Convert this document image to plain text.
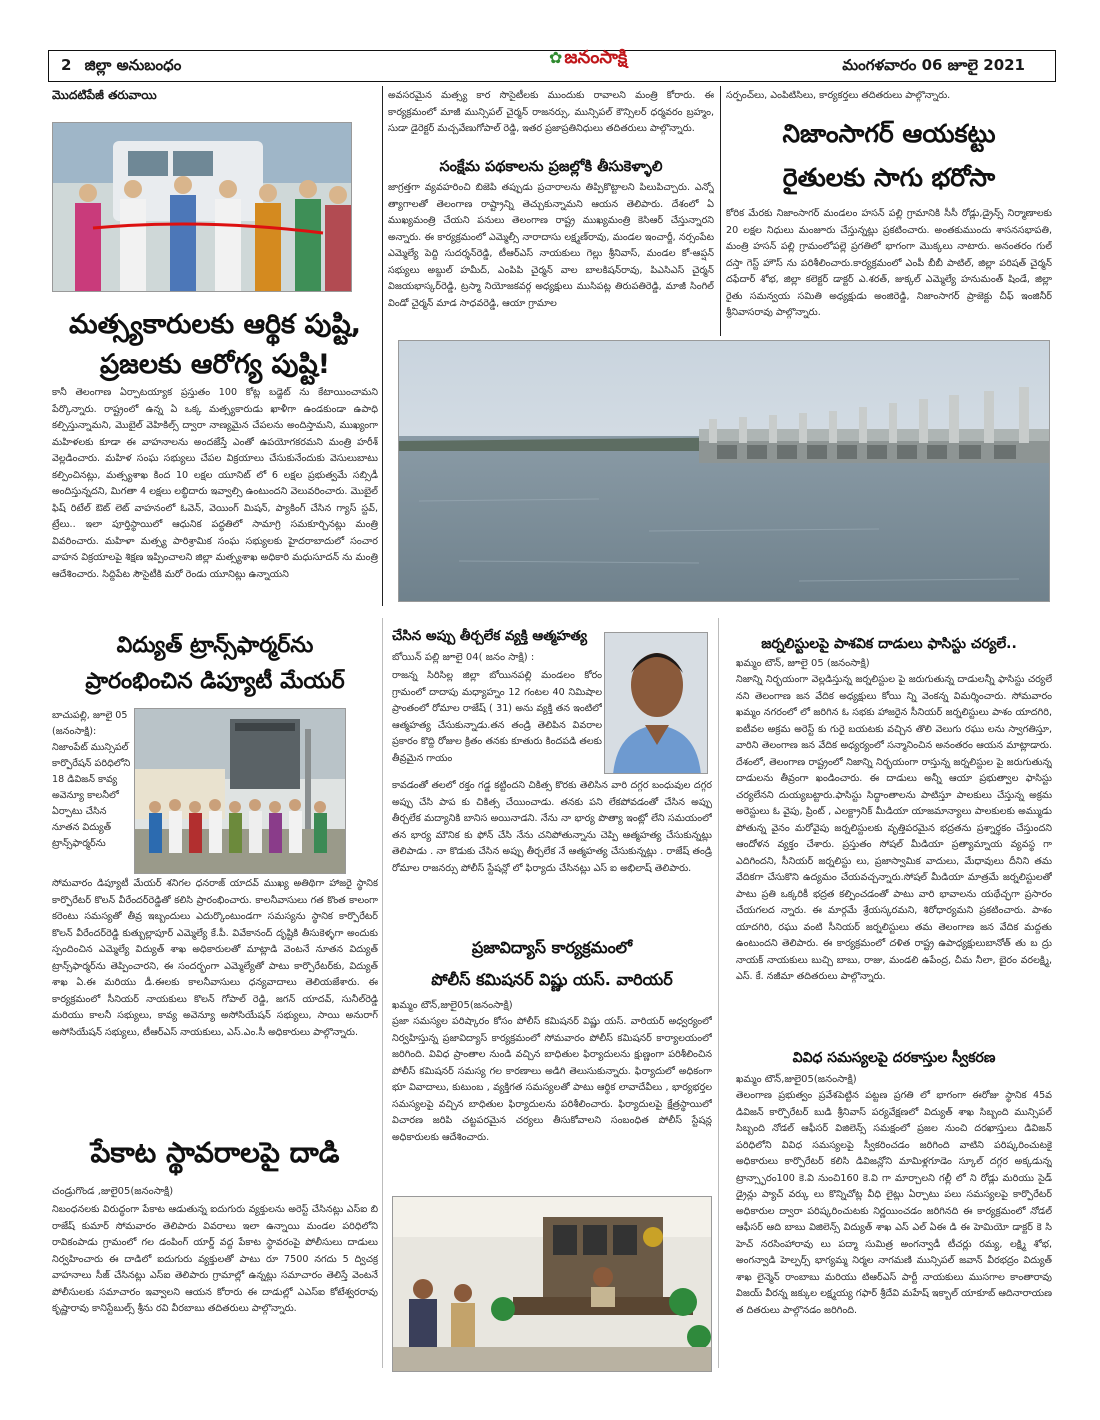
2 జిల్లా అనుబంధం	✿ జనంసాక్షి	మంగళవారం 06 జూలై 2021
మొదటిపేజీ తరువాయి
మత్స్యకారులకు ఆర్థిక పుష్టి,
ప్రజలకు ఆరోగ్య పుష్టి!
కానీ తెలంగాణ ఏర్పాటయ్యాక ప్రస్తుతం 100 కోట్ల బడ్జెట్ ను కేటాయించామని పేర్కొన్నారు. రాష్ట్రంలో ఉన్న ఏ ఒక్క మత్స్యకారుడు ఖాళీగా ఉండకుండా ఉపాధి కల్పిస్తున్నామని, మొబైల్ వెహికిల్స్ ద్వారా నాణ్యమైన చేపలను అందిస్తామని, ముఖ్యంగా మహిళలకు కూడా ఈ వాహనాలను అందజేస్తే ఎంతో ఉపయోగకరమని మంత్రి హరీశ్ వెల్లడించారు. మహిళ సంఘ సభ్యులు చేపల విక్రయాలు చేసుకునేందుకు వెసులుబాటు కల్పించినట్లు, మత్స్యశాఖ కింద 10 లక్షల యూనిట్ లో 6 లక్షల ప్రభుత్వమే సబ్సిడీ అందిస్తున్నదని, మిగతా 4 లక్షలు లబ్ధిదారు ఇవ్వాల్సి ఉంటుందని వెలువరించారు. మొబైల్ ఫిష్ రిటేల్ ఔట్ లెట్ వాహనంలో ఓవెన్, వెయింగ్ మిషన్, ప్యాకింగ్ చేసిన గ్యాస్ స్టవ్, ట్రేలు.. ఇలా పూర్తిస్థాయిలో ఆధునిక పద్ధతిలో సామాగ్రి సమకూర్చినట్లు మంత్రి వివరించారు. మహిళా మత్స్య పారిశ్రామిక సంఘ సభ్యులకు హైదరాబాదులో సంచార వాహన విక్రయాలపై శిక్షణ ఇప్పించాలని జిల్లా మత్స్యశాఖ అధికారి మధుసూదన్ ను మంత్రి ఆదేశించారు. సిద్దిపేట సౌసైటీకి మరో రెండు యూనిట్లు ఉన్నాయని
అవసరమైన మత్స్య కార సొసైటీలకు ముందుకు రావాలని మంత్రి కోరారు. ఈ కార్యక్రమంలో మాజీ మున్సిపల్ చైర్మన్ రాజనర్సు, మున్సిపల్ కౌన్సిలర్ ధర్మవరం బ్రహ్మం, సుడా డైరెక్టర్ మచ్చవేణుగోపాల్ రెడ్డి, ఇతర ప్రజాప్రతినిధులు తదితరులు పాల్గొన్నారు.
సంక్షేమ పథకాలను ప్రజల్లోకి తీసుకెళ్ళాలి
జాగ్రత్తగా వ్యవహరించి బిజెపి తప్పుడు ప్రచారాలను తిప్పికొట్టాలని పిలుపిచ్చారు. ఎన్నో త్యాగాలతో తెలంగాణ రాష్ట్రాన్ని తెచ్చుకున్నామని ఆయన తెలిపారు. దేశంలో ఏ ముఖ్యమంత్రి చేయని పనులు తెలంగాణ రాష్ట్ర ముఖ్యమంత్రి కెసిఆర్ చేస్తున్నారని అన్నారు. ఈ కార్యక్రమంలో ఎమ్మెల్సీ నారాదాసు లక్ష్మణ్‌రావు, మండల ఇంచార్జీ, నర్సంపేట ఎమ్మెల్యే పెద్ది సుదర్శన్‌రెడ్డి, టీఆర్ఎస్ నాయకులు గెల్లు శ్రీనివాస్, మండల కో-ఆప్షన్ సభ్యులు అబ్దుల్ హమీద్, ఎంపిపి చైర్మన్ వాల బాలకిషన్‌రావు, పిఎసిఎస్ చైర్మన్ విజయభాస్కర్‌రెడ్డి, ట్రస్మా నియోజకవర్గ అధ్యక్షులు ముసిపట్ల తిరుపతిరెడ్డి, మాజీ సింగిల్ విండో చైర్మన్ మాడ సాధవరెడ్డి, ఆయా గ్రామాల
సర్పంచ్‌లు, ఎంపిటిసిలు, కార్యకర్తలు తదితరులు పాల్గొన్నారు.
నిజాంసాగర్ ఆయకట్టు
రైతులకు సాగు భరోసా
కోరిక మేరకు నిజాంసాగర్ మండలం హసన్ పల్లి గ్రామానికి సీసీ రోడ్లు,డ్రైన్స్ నిర్మాణాలకు 20 లక్షల నిధులు మంజూరు చేస్తున్నట్లు ప్రకటించారు. అంతకుముందు శాసనసభాపతి, మంత్రి హసన్ పల్లి గ్రామంలోపల్లె ప్రగతిలో భాగంగా మొక్కలు నాటారు. అనంతరం గుల్ దస్తా గెస్ట్ హౌస్ ను పరిశీలించారు.కార్యక్రమంలో ఎంపీ బీబీ పాటిల్, జిల్లా పరిషత్ చైర్మన్ దఫేదార్ శోభ, జిల్లా కలెక్టర్ డాక్టర్ ఎ.శరత్, జుక్కల్ ఎమ్మెల్యే హనుమంత్ షిండే, జిల్లా రైతు సమన్వయ సమితి అధ్యక్షుడు అంజిరెడ్డి, నిజాంసాగర్ ప్రాజెక్టు చీఫ్ ఇంజినీర్ శ్రీనివాసరావు పాల్గొన్నారు.
విద్యుత్ ట్రాన్స్‌ఫార్మర్‌ను
ప్రారంభించిన డిప్యూటీ మేయర్
బాచుపల్లి, జూలై 05 (జనంసాక్షి): నిజాంపేట్ మున్సిపల్ కార్పొరేషన్ పరిధిలోని 18 డివిజన్ కావ్య అవెన్యూ కాలనీలో ఏర్పాటు చేసిన నూతన విద్యుత్ ట్రాన్స్‌ఫార్మర్‌ను
సోమవారం డిప్యూటీ మేయర్ శనిగల ధనరాజ్ యాదవ్ ముఖ్య అతిథిగా హాజరై స్థానిక కార్పొరేటర్ కొలన్ వీరేందర్‌రెడ్డితో కలిసి ప్రారంభించారు. కాలనీవాసులు గత కొంత కాలంగా కరెంటు సమస్యతో తీవ్ర ఇబ్బందులు ఎదుర్కొంటుండగా సమస్యను స్థానిక కార్పొరేటర్ కొలన్ వీరేందర్‌రెడ్డి కుత్బుల్లాపూర్ ఎమ్మెల్యే కే.పీ. వివేకానంద్ దృష్టికి తీసుకెళ్ళగా అందుకు స్పందించిన ఎమ్మెల్యే విద్యుత్ శాఖ అధికారులతో మాట్లాడి వెంటనే నూతన విద్యుత్ ట్రాన్స్‌ఫార్మర్‌ను తెప్పించారని, ఈ సందర్భంగా ఎమ్మెల్యేతో పాటు కార్పొరేటర్‌కు, విద్యుత్ శాఖ ఏ.ఈ మరియు డీ.ఈలకు కాలనీవాసులు ధన్యవాదాలు తెలియజేశారు. ఈ కార్యక్రమంలో సీనియర్ నాయకులు కొలన్ గోపాల్ రెడ్డి, జగన్ యాదవ్, సునీల్‌రెడ్డి మరియు కాలనీ సభ్యులు, కావ్య అవెన్యూ అసోసియేషన్ సభ్యులు, సాయి అనురాగ్ అసోసియేషన్ సభ్యులు, టీఆర్ఎస్ నాయకులు, ఎస్.ఎం.సీ అధికారులు పాల్గొన్నారు.
పేకాట స్థావరాలపై దాడి
చండ్రుగొండ ,జులై05(జనంసాక్షి)
నిబంధనలకు విరుద్ధంగా పేకాట ఆడుతున్న ఐదుగురు వ్యక్తులను అరెస్ట్ చేసినట్లు ఎస్ఐ బి రాజేష్ కుమార్ సోమవారం తెలిపారు వివరాలు ఇలా ఉన్నాయి మండల పరిధిలోని రావికంపాడు గ్రామంలో గల డంపింగ్ యార్డ్ వద్ద పేకాట స్థావరంపై పోలీసులు దాడులు నిర్వహించారు ఈ దాడిలో ఐదుగురు వ్యక్తులతో పాటు రూ 7500 నగదు 5 ద్విచక్ర వాహనాలు సీజ్ చేసినట్లు ఎస్ఐ తెలిపారు గ్రామాల్లో ఉన్నట్లు సమాచారం తెలిస్తే వెంటనే పోలీసులకు సమాచారం ఇవ్వాలని ఆయన కోరారు ఈ దాడుల్లో ఎఎస్ఐ కోటేశ్వరరావు కృష్ణారావు కానిస్టేబుల్స్ శ్రీను రవి వీరబాబు తదితరులు పాల్గొన్నారు.
చేసిన అప్పు తీర్చలేక వ్యక్తి ఆత్మహత్య
బోయిన్ పల్లి జూలై 04( జనం సాక్షి) :
రాజన్న సిరిసిల్ల జిల్లా బోయినపల్లి మండలం కోరం గ్రామంలో దాదాపు మధ్యాహ్నం 12 గంటల 40 నిమిషాల ప్రాంతంలో రోమాల రాజేష్ ( 31) అను వ్యక్తి తన ఇంటిలో ఆత్మహత్య చేసుకున్నాడు.తన తండ్రి తెలిపిన వివరాల ప్రకారం కొద్ది రోజుల క్రితం తనకు కూతురు కిందపడి తలకు తీవ్రమైన గాయం
కావడంతో తలలో రక్తం గడ్డ కట్టిందని చికిత్స కొరకు తెలిసిన వారి దగ్గర బంధువుల దగ్గర అప్పు చేసి పాప కు చికిత్స చేయించాడు. తనకు పని లేకపోవడంతో చేసిన అప్పు తీర్చలేక మద్యానికి బానిస అయినాడని. నేను నా భార్య పొత్యా ఇంట్లో లేని సమయంలో తన భార్య మౌనిక కు ఫోన్ చేసి నేను చనిపోతున్నాను చెప్పి ఆత్మహత్య చేసుకున్నట్లు తెలిపాడు . నా కొడుకు చేసిన అప్పు తీర్చలేక నే ఆత్మహత్య చేసుకున్నట్లు . రాజేష్ తండ్రి రోమాల రాజనర్సు పోలీస్ స్టేషన్లో లో ఫిర్యాదు చేసినట్లు ఎస్ ఐ అభిలాష్ తెలిపారు.
ప్రజావిద్యాస్ కార్యక్రమంలో
పోలీస్ కమిషనర్ విష్ణు యస్. వారియర్
ఖమ్మం టౌన్,జులై05(జనంసాక్షి)
ప్రజా సమస్యల పరిష్కారం కోసం పోలీస్ కమిషనర్ విష్ణు యస్. వారియర్ అధ్వర్యంలో నిర్వహిస్తున్న ప్రజావిద్యాస్ కార్యక్రమంలో సోమవారం పోలీస్ కమిషనర్ కార్యాలయంలో జరిగింది. వివిధ ప్రాంతాల నుండి వచ్చిన బాధితుల ఫిర్యాదులను క్షుణ్ణంగా పరిశీలించిన పోలీస్ కమిషనర్ సమస్య గల కారణాలు అడిగి తెలుసుకున్నారు. ఫిర్యాదులో అధికంగా భూ వివాదాలు, కుటుంబ , వ్యక్తిగత సమస్యలతో పాటు ఆర్థిక లావాదేవీలు , భార్యభర్తల సమస్యలపై వచ్చిన బాధితుల ఫిర్యాదులను పరిశీలించారు. ఫిర్యాదులపై క్షేత్రస్థాయిలో విచారణ జరిపి చట్టపరమైన చర్యలు తీసుకోవాలని సంబంధిత పోలీస్ స్టేషన్ల అధికారులకు ఆదేశించారు.
జర్నలిస్టులపై పాశవిక దాడులు ఫాసిస్టు చర్యలే..
ఖమ్మం టౌన్, జూలై 05 (జనంసాక్షి)
నిజాన్ని నిర్భయంగా వెల్లడిస్తున్న జర్నలిస్టుల పై జరుగుతున్న దాడులన్నీ ఫాసిస్టు చర్యలే నని తెలంగాణ జన వేదిక అధ్యక్షులు కోయి న్ని వెంకన్న విమర్శించారు. సోమవారం ఖమ్మం నగరంలో లో జరిగిన ఓ సభకు హాజరైన సీనియర్ జర్నలిస్టులు పాశం యాదగిరి, ఐటీవల అక్రమ అరెస్ట్ కు గురై బయటకు వచ్చిన తొలి వెలుగు రఘు లను స్వాగతిస్తూ, వారిని తెలంగాణ జన వేదిక అధ్యర్యంలో సన్మానించిన అనంతరం ఆయన మాట్లాడారు. దేశంలో, తెలంగాణ రాష్ట్రంలో నిజాన్ని నిర్భయంగా రాస్తున్న జర్నలిస్టుల పై జరుగుతున్న దాడులను తీవ్రంగా ఖండించారు. ఈ దాడులు అన్నీ ఆయా ప్రభుత్వాల ఫాసిస్టు చర్యలేనని దుయ్యబట్టారు.ఫాసిస్టు సిద్ధాంతాలను పాటిస్తూ పాలకులు చేస్తున్న అక్రమ అరెస్టులు ఓ వైపు, ప్రింట్ , ఎలక్ట్రానిక్ మీడియా యాజమాన్యాలు పాలకులకు అమ్ముడు పోతున్న వైనం మరోవైపు జర్నలిస్టులకు వృత్తిపరమైన భద్రతను ప్రశ్నార్థకం చేస్తుందని ఆందోళన వ్యక్తం చేశారు. ప్రస్తుతం సోషల్ మీడియా ప్రత్యామ్నాయ వ్యవస్థ గా ఎదిగిందని, సీనియర్ జర్నలిస్టు లు, ప్రజాస్వామిక వాదులు, మేధావులు దీనిని తమ వేదికగా చేసుకొని ఉద్యమం చేయవచ్చన్నారు.సోషల్ మీడియా మాత్రమే జర్నలిస్టులతో పాటు ప్రతి ఒక్కరికీ భద్రత కల్పించడంతో పాటు వారి భావాలను యథేచ్ఛగా ప్రసారం చేయగలద న్నారు. ఈ మార్గమే శ్రేయస్కరమని, శిరోధార్యమని ప్రకటించారు. పాశం యాదగిరి, రఘు వంటి సీనియర్ జర్నలిస్టులు తమ తెలంగాణ జన వేదిక మద్దతు ఉంటుందని తెలిపారు. ఈ కార్యక్రమంలో దళిత రాష్ట్ర ఉపాధ్యక్షులుబానోత్ తు బ ద్రు నాయక్ నాయకులు బుచ్చి బాబు, రాజు, మండలి ఉపేంద్ర, చీమ నీలా, బైరం వరలక్ష్మి, ఎస్. కే. నజీమా తదితరులు పాల్గొన్నారు.
వివిధ సమస్యలపై దరకాస్తుల స్వీకరణ
ఖమ్మం టౌన్,జులై05(జనంసాక్షి)
తెలంగాణ ప్రభుత్వం ప్రవేశపెట్టిన పట్టణ ప్రగతి లో భాగంగా ఈరోజు స్థానిక 45వ డివిజన్ కార్పొరేటర్ బుడి శ్రీనివాస్ పర్యవేక్షణలో విద్యుత్ శాఖ సిబ్బంది మున్సిపల్ సిబ్బంది నోడల్ ఆఫీసర్ విజిలెన్స్ సమక్షంలో ప్రజల నుంచి దరఖాస్తులు డివిజన్ పరిధిలోని వివిధ సమస్యలపై స్వీకరించడం జరిగింది వాటిని పరిష్కరించుటకై అధికారులు కార్పొరేటర్ కలిసి డివిజన్లోని మామిళ్లగూడెం స్కూల్ దగ్గర అక్కడున్న ట్రాన్స్ఫారం100 కె.వి నుంచి160 కె.వి గా మార్చాలని గల్లీ లో ని రోడ్లు మరియు సైడ్ డ్రైన్లు ప్యాచ్ వర్కు లు కొన్నిచోట్ల వీధి లైట్లు ఏర్పాటు పలు సమస్యలపై కార్పొరేటర్ అధికారుల ద్వారా పరిష్కరించుటకు నిర్ణయించడం జరిగినది ఈ కార్యక్రమంలో నోడల్ ఆఫీసర్ ఆది బాబు విజిలెన్స్ విద్యుత్ శాఖ ఎస్ ఎల్ ఏఈ డి ఈ హెమియో డాక్టర్ కె సి హెచ్ నరసింహారావు లు పద్మా సుమిత్ర అంగన్వాడీ టీచర్లు రమ్య, లక్ష్మి శోభ, అంగన్వాడి హెల్పర్స్ భాగ్యమ్మ నిర్మల నాగమణి మున్సిపల్ జవాన్ వీరభద్రం విద్యుత్ శాఖ లైన్మెన్ రాంబాబు మరియు టిఆర్ఎస్ పార్టీ నాయకులు ముసగాల కాంతారావు విజయ్ వీరన్న జక్కుల లక్ష్మయ్య గఫార్ శ్రీదేవి మహేష్ ఇక్బాల్ యాకూబ్ ఆదినారాయణ త దితరులు పాల్గొనడం జరిగింది.
